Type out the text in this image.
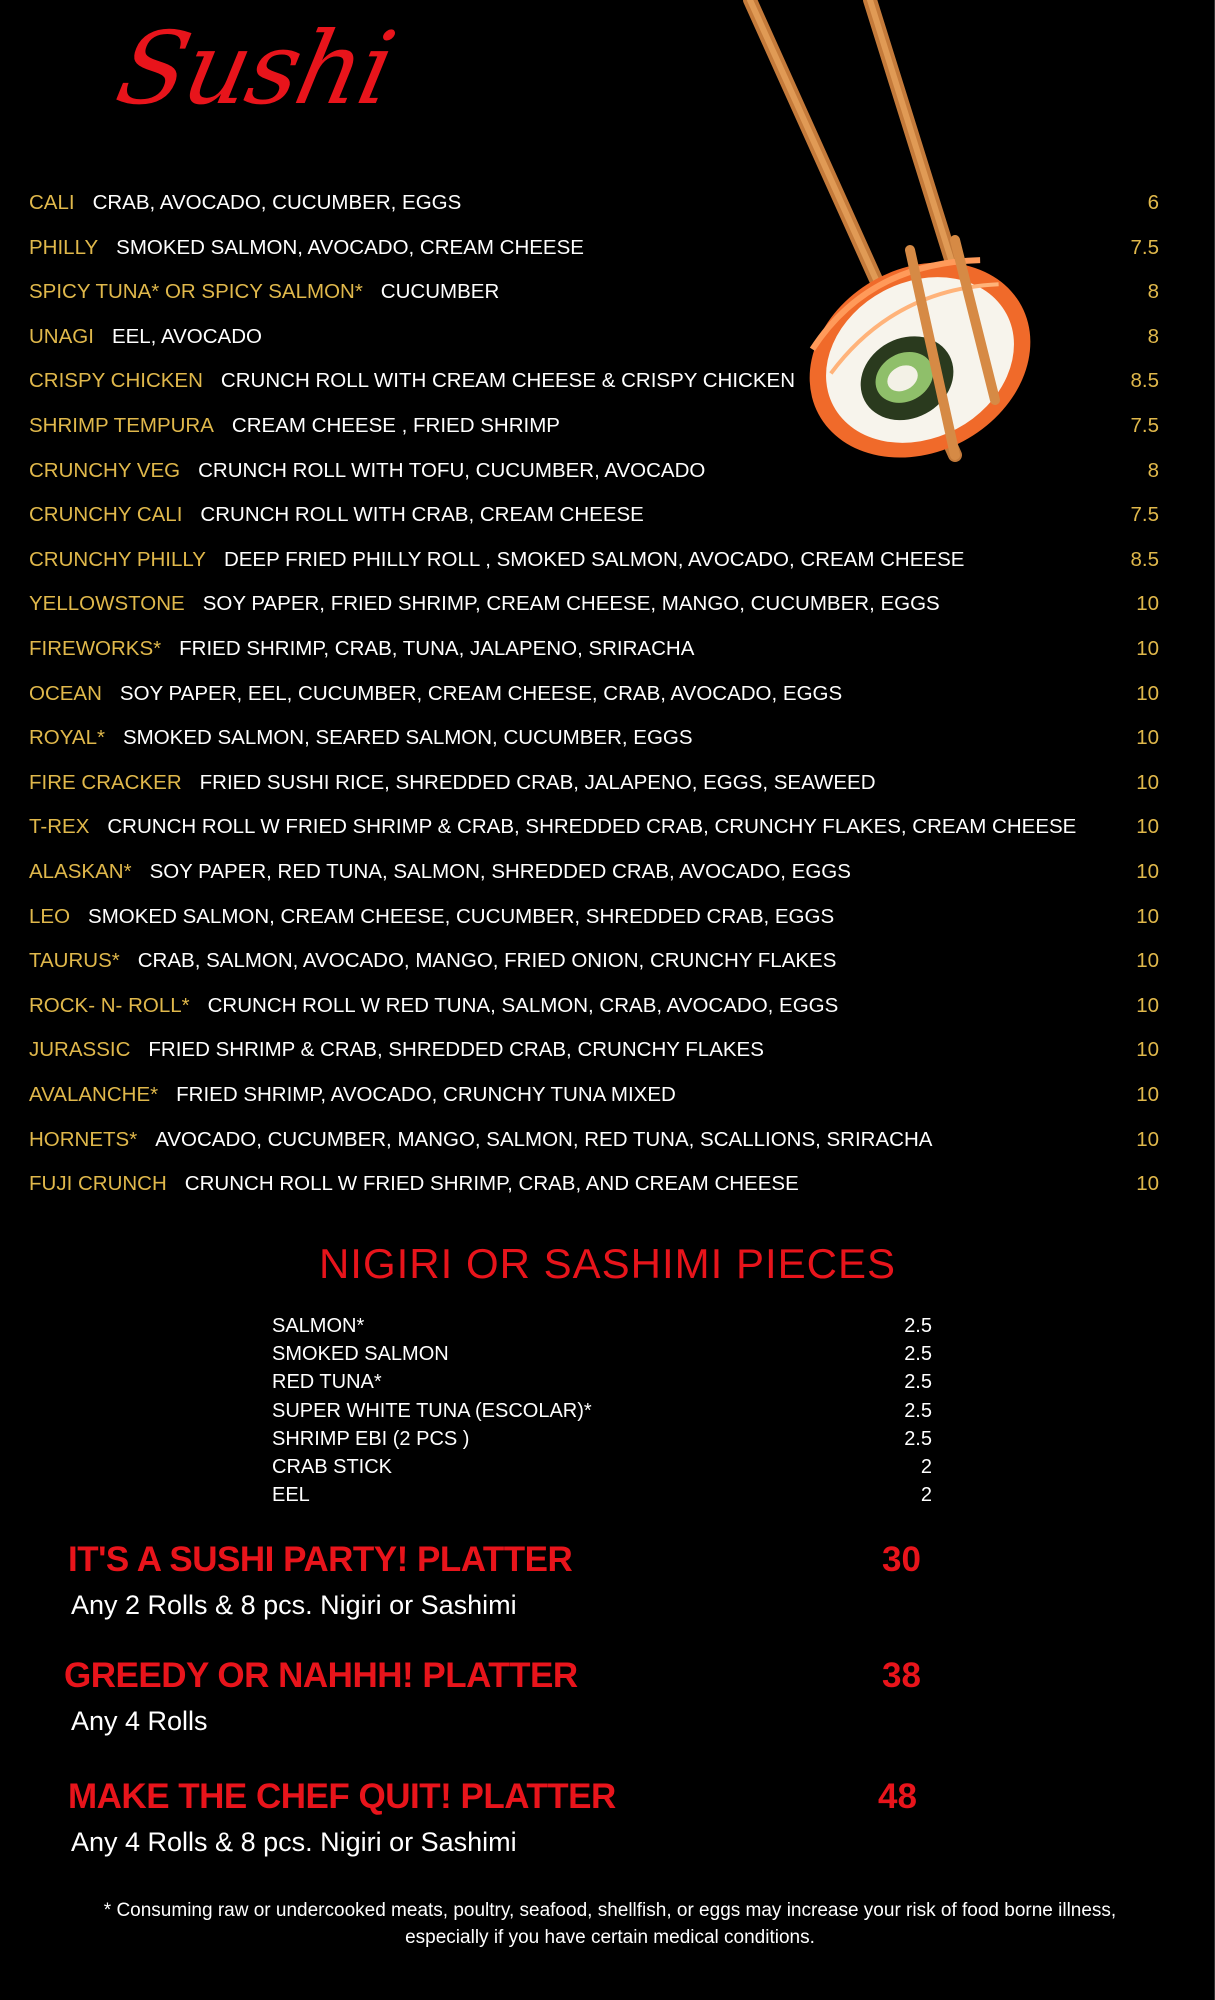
Sushi
CALI CRAB, AVOCADO, CUCUMBER, EGGS	6
PHILLY SMOKED SALMON, AVOCADO, CREAM CHEESE	7.5
SPICY TUNA* OR SPICY SALMON* CUCUMBER	8
UNAGI EEL, AVOCADO	8
CRISPY CHICKEN CRUNCH ROLL WITH CREAM CHEESE & CRISPY CHICKEN	8.5
SHRIMP TEMPURA CREAM CHEESE , FRIED SHRIMP	7.5
CRUNCHY VEG CRUNCH ROLL WITH TOFU, CUCUMBER, AVOCADO	8
CRUNCHY CALI CRUNCH ROLL WITH CRAB, CREAM CHEESE	7.5
CRUNCHY PHILLY DEEP FRIED PHILLY ROLL , SMOKED SALMON, AVOCADO, CREAM CHEESE	8.5
YELLOWSTONE SOY PAPER, FRIED SHRIMP, CREAM CHEESE, MANGO, CUCUMBER, EGGS	10
FIREWORKS* FRIED SHRIMP, CRAB, TUNA, JALAPENO, SRIRACHA	10
OCEAN SOY PAPER, EEL, CUCUMBER, CREAM CHEESE, CRAB, AVOCADO, EGGS	10
ROYAL* SMOKED SALMON, SEARED SALMON, CUCUMBER, EGGS	10
FIRE CRACKER FRIED SUSHI RICE, SHREDDED CRAB, JALAPENO, EGGS, SEAWEED	10
T-REX CRUNCH ROLL W FRIED SHRIMP & CRAB, SHREDDED CRAB, CRUNCHY FLAKES, CREAM CHEESE	10
ALASKAN* SOY PAPER, RED TUNA, SALMON, SHREDDED CRAB, AVOCADO, EGGS	10
LEO SMOKED SALMON, CREAM CHEESE, CUCUMBER, SHREDDED CRAB, EGGS	10
TAURUS* CRAB, SALMON, AVOCADO, MANGO, FRIED ONION, CRUNCHY FLAKES	10
ROCK- N- ROLL* CRUNCH ROLL W RED TUNA, SALMON, CRAB, AVOCADO, EGGS	10
JURASSIC FRIED SHRIMP & CRAB, SHREDDED CRAB, CRUNCHY FLAKES	10
AVALANCHE* FRIED SHRIMP, AVOCADO, CRUNCHY TUNA MIXED	10
HORNETS* AVOCADO, CUCUMBER, MANGO, SALMON, RED TUNA, SCALLIONS, SRIRACHA	10
FUJI CRUNCH CRUNCH ROLL W FRIED SHRIMP, CRAB, AND CREAM CHEESE	10
NIGIRI OR SASHIMI PIECES
SALMON*	2.5
SMOKED SALMON	2.5
RED TUNA*	2.5
SUPER WHITE TUNA (ESCOLAR)*	2.5
SHRIMP EBI (2 PCS )	2.5
CRAB STICK	2
EEL	2
IT'S A SUSHI PARTY! PLATTER	30
Any 2 Rolls & 8 pcs. Nigiri or Sashimi
GREEDY OR NAHHH! PLATTER	38
Any 4 Rolls
MAKE THE CHEF QUIT! PLATTER	48
Any 4 Rolls & 8 pcs. Nigiri or Sashimi
* Consuming raw or undercooked meats, poultry, seafood, shellfish, or eggs may increase your risk of food borne illness, especially if you have certain medical conditions.
